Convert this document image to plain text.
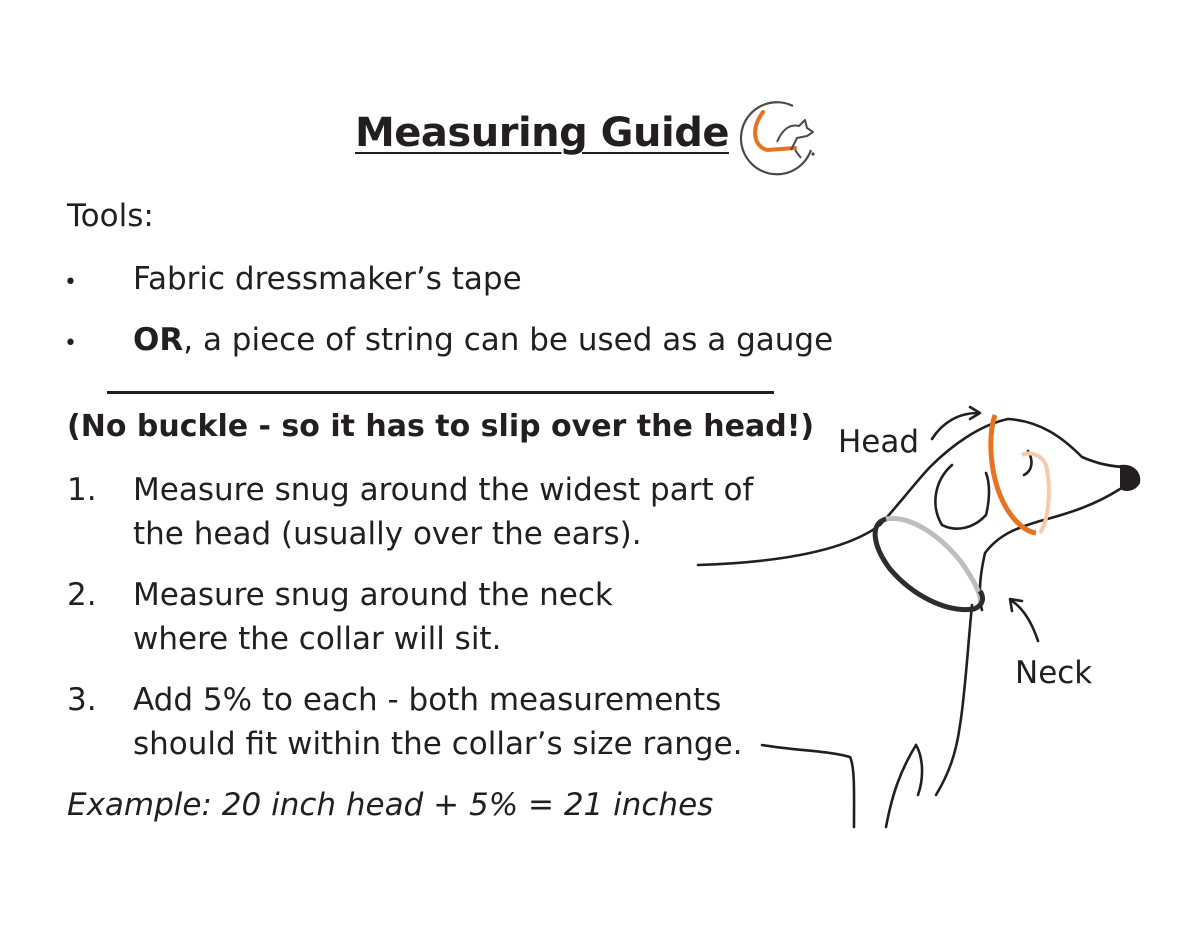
Measuring Guide
Tools:
• Fabric dressmaker’s tape
• OR, a piece of string can be used as a gauge
(No buckle - so it has to slip over the head!)
1. Measure snug around the widest part of
the head (usually over the ears).
2. Measure snug around the neck
where the collar will sit.
3. Add 5% to each - both measurements
should fit within the collar’s size range.
Example: 20 inch head + 5% = 21 inches
Head
Neck
